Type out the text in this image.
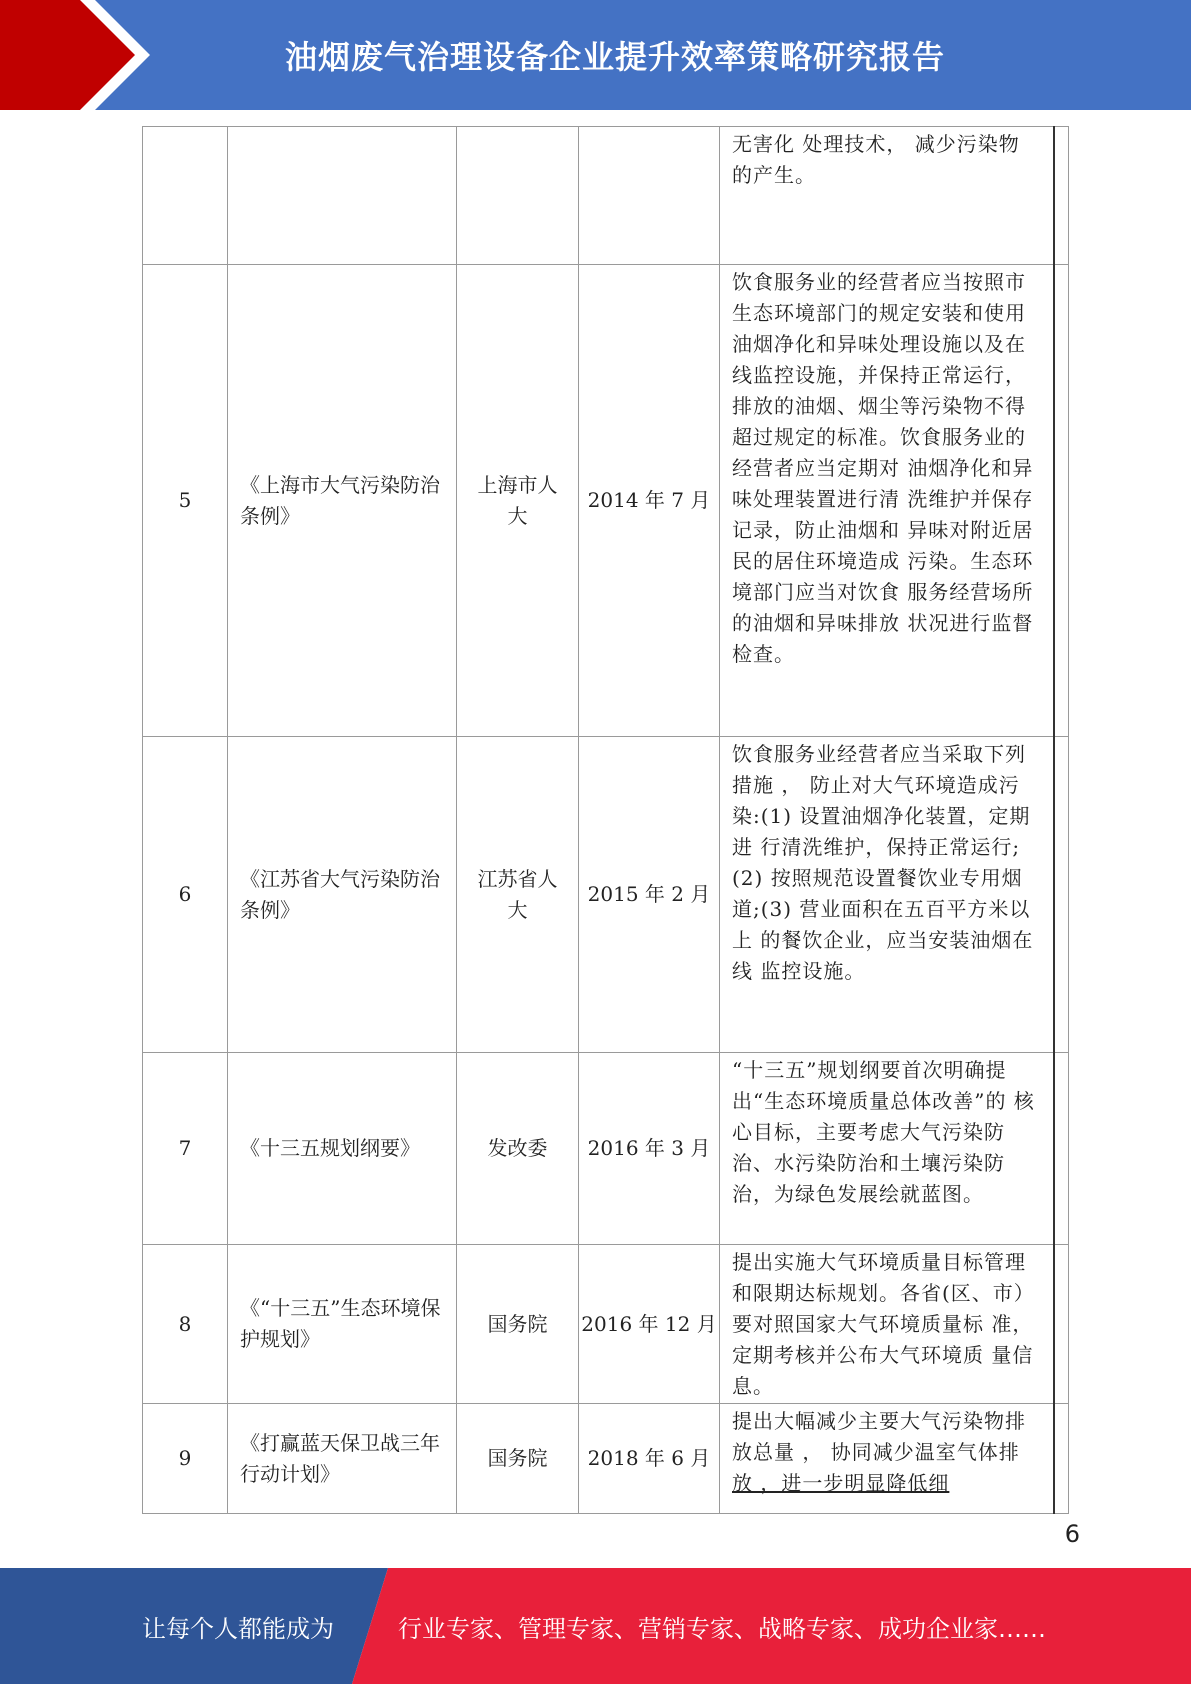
油烟废气治理设备企业提升效率策略研究报告
				无害化 处理技术， 减少污染物的产生。	
5	《上海市大气污染防治条例》	上海市人大	2014 年 7 月	饮食服务业的经营者应当按照市 生态环境部门的规定安装和使用 油烟净化和异味处理设施以及在 线监控设施，并保持正常运行， 排放的油烟、烟尘等污染物不得 超过规定的标准。饮食服务业的经营者应当定期对 油烟净化和异味处理装置进行清 洗维护并保存记录，防止油烟和 异味对附近居民的居住环境造成 污染。生态环境部门应当对饮食 服务经营场所的油烟和异味排放 状况进行监督检查。	
6	《江苏省大气污染防治条例》	江苏省人大	2015 年 2 月	饮食服务业经营者应当采取下列 措施 ， 防止对大气环境造成污 染:(1) 设置油烟净化装置，定期进 行清洗维护，保持正常运行;(2) 按照规范设置餐饮业专用烟 道;(3) 营业面积在五百平方米以上 的餐饮企业，应当安装油烟在线 监控设施。	
7	《十三五规划纲要》	发改委	2016 年 3 月	“十三五”规划纲要首次明确提 出“生态环境质量总体改善”的 核心目标，主要考虑大气污染防 治、水污染防治和土壤污染防 治，为绿色发展绘就蓝图。	
8	《“十三五”生态环境保护规划》	国务院	2016 年 12 月	提出实施大气环境质量目标管理 和限期达标规划。各省(区、市）要对照国家大气环境质量标 准， 定期考核并公布大气环境质 量信息。	
9	《打赢蓝天保卫战三年行动计划》	国务院	2018 年 6 月	提出大幅减少主要大气污染物排放总量 ， 协同减少温室气体排放 ，进一步明显降低细	
6
让每个人都能成为	行业专家、管理专家、营销专家、战略专家、成功企业家……
